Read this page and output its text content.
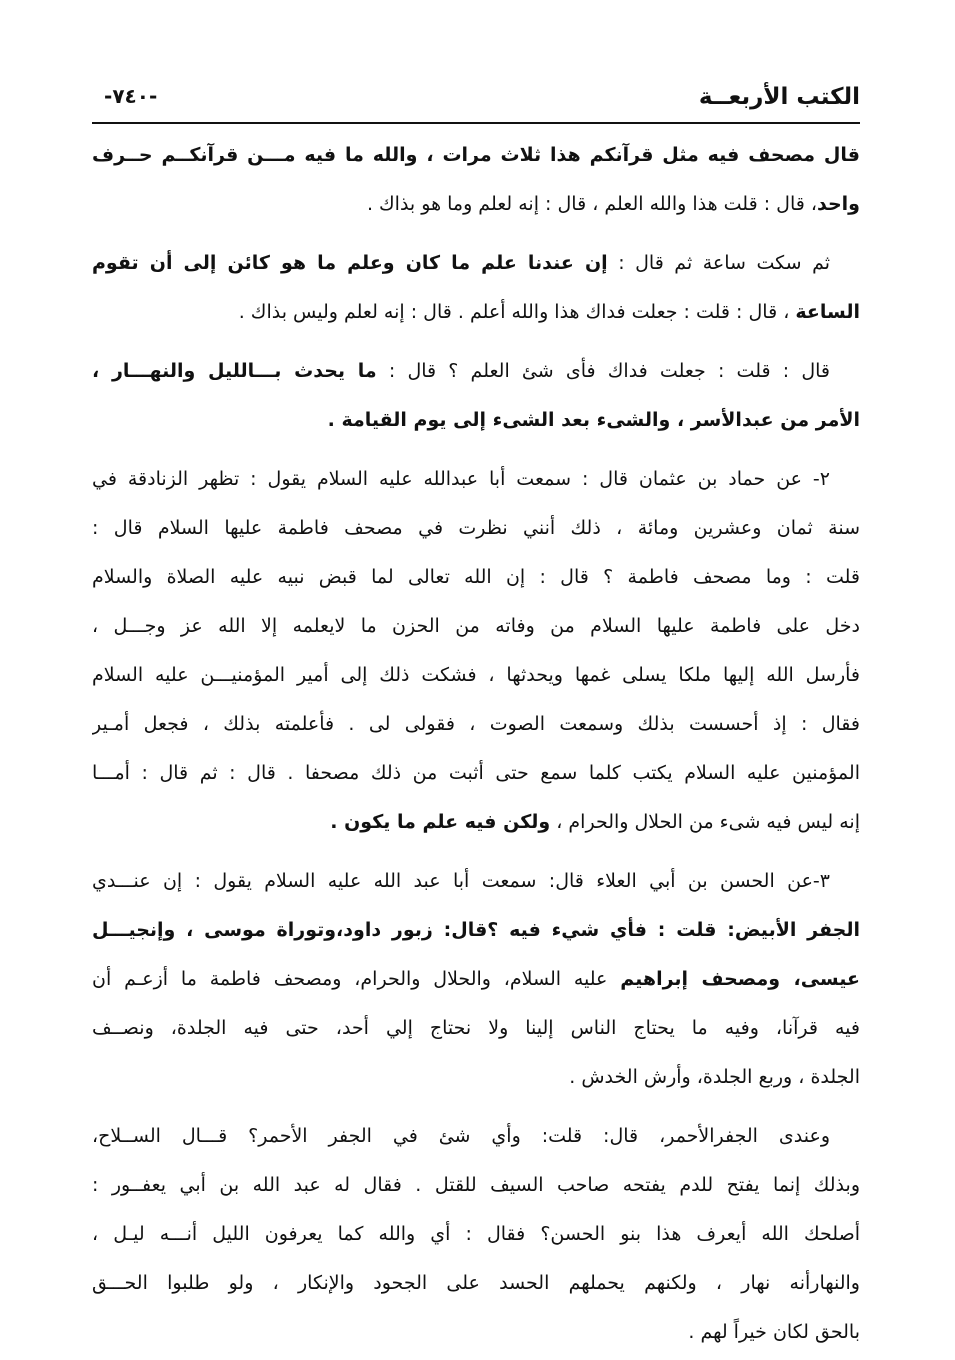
الكتب الأربعــة
-٧٤٠-
قال مصحف فيه مثل قرآنكم هذا ثلاث مرات ، والله ما فيه مـــن قرآنكــم حــرف
واحد، قال : قلت هذا والله العلم ، قال : إنه لعلم وما هو بذاك .
ثم سكت ساعة ثم قال : إن عندنا علم ما كان وعلم ما هو كائن إلى أن تقوم
الساعة ، قال : قلت : جعلت فداك هذا والله أعلم . قال : إنه لعلم وليس بذاك .
قال : قلت : جعلت فداك فأى شئ العلم ؟ قال : ما يحدث بـــالليل والنهـــار ،
الأمر من عبدالأسر ، والشىء بعد الشىء إلى يوم القيامة .
٢- عن حماد بن عثمان قال : سمعت أبا عبدالله عليه السلام يقول : تظهر الزنادقة في
سنة ثمان وعشرين ومائة ، ذلك أنني نظرت في مصحف فاطمة عليها السلام قال :
قلت : وما مصحف فاطمة ؟ قال : إن الله تعالى لما قبض نبيه عليه الصلاة والسلام
دخل على فاطمة عليها السلام من وفاته من الحزن ما لايعلمه إلا الله عز وجـــل ،
فأرسل الله إليها ملكا يسلى غمها ويحدثها ، فشكت ذلك إلى أمير المؤمنيـــن عليه السلام
فقال : إذ أحسست بذلك وسمعت الصوت ، فقولى لى . فأعلمته بذلك ، فجعل أمـير
المؤمنين عليه السلام يكتب كلما سمع حتى أثبت من ذلك مصحفا . قال : ثم قال : أمـــا
إنه ليس فيه شىء من الحلال والحرام ، ولكن فيه علم ما يكون .
٣-عن الحسن بن أبي العلاء قال: سمعت أبا عبد الله عليه السلام يقول : إن عنـــدي
الجفر الأبيض: قلت : فأي شيء فيه ؟قال: زبور داود،وتوراة موسى ، وإنجيـــل
عيسى، ومصحف إبراهيم عليه السلام، والحلال والحرام، ومصحف فاطمة ما أزعـم أن
فيه قرآنا، وفيه ما يحتاج الناس إلينا ولا نحتاج إلي أحد، حتى فيه الجلدة، ونصــف
الجلدة ، وربع الجلدة، وأرش الخدش .
وعندى الجفرالأحمر، قال: قلت: وأي شئ في الجفر الأحمر؟ قـــال الســلاح،
وبذلك إنما يفتح للدم يفتحه صاحب السيف للقتل . فقال له عبد الله بن أبي يعفــور :
أصلحك الله أيعرف هذا بنو الحسن؟ فقال : أي والله كما يعرفون الليل أنـــه ليـل ،
والنهارأنه نهار ، ولكنهم يحملهم الحسد على الجحود والإنكار ، ولو طلبوا الحـــق
بالحق لكان خيراً لهم .
